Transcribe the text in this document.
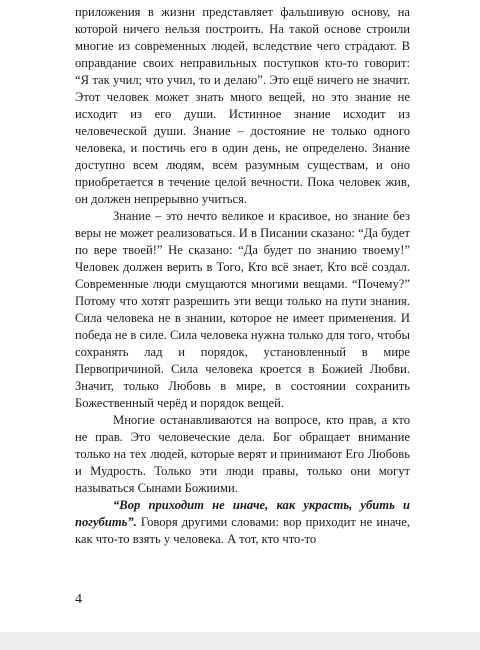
приложения в жизни представляет фальшивую основу, на которой ничего нельзя построить. На такой основе строили многие из современных людей, вследствие чего страдают. В оправдание своих неправильных поступков кто-то говорит: “Я так учил; что учил, то и делаю”. Это ещё ничего не значит. Этот человек может знать много вещей, но это знание не исходит из его души. Истинное знание исходит из человеческой души. Знание – достояние не только одного человека, и постичь его в один день, не определено. Знание доступно всем людям, всем разумным существам, и оно приобретается в течение целой вечности. Пока человек жив, он должен непрерывно учиться.

Знание – это нечто великое и красивое, но знание без веры не может реализоваться. И в Писании сказано: “Да будет по вере твоей!” Не сказано: “Да будет по знанию твоему!” Человек должен верить в Того, Кто всё знает, Кто всё создал. Современные люди смущаются многими вещами. “Почему?” Потому что хотят разрешить эти вещи только на пути знания. Сила человека не в знании, которое не имеет применения. И победа не в силе. Сила человека нужна только для того, чтобы сохранять лад и порядок, установленный в мире Первопричиной. Сила человека кроется в Божией Любви. Значит, только Любовь в мире, в состоянии сохранить Божественный черёд и порядок вещей.

Многие останавливаются на вопросе, кто прав, а кто не прав. Это человеческие дела. Бог обращает внимание только на тех людей, которые верят и принимают Его Любовь и Мудрость. Только эти люди правы, только они могут называться Сынами Божиими.

“Вор приходит не иначе, как украсть, убить и погубить”. Говоря другими словами: вор приходит не иначе, как что-то взять у человека. А тот, кто что-то

4
